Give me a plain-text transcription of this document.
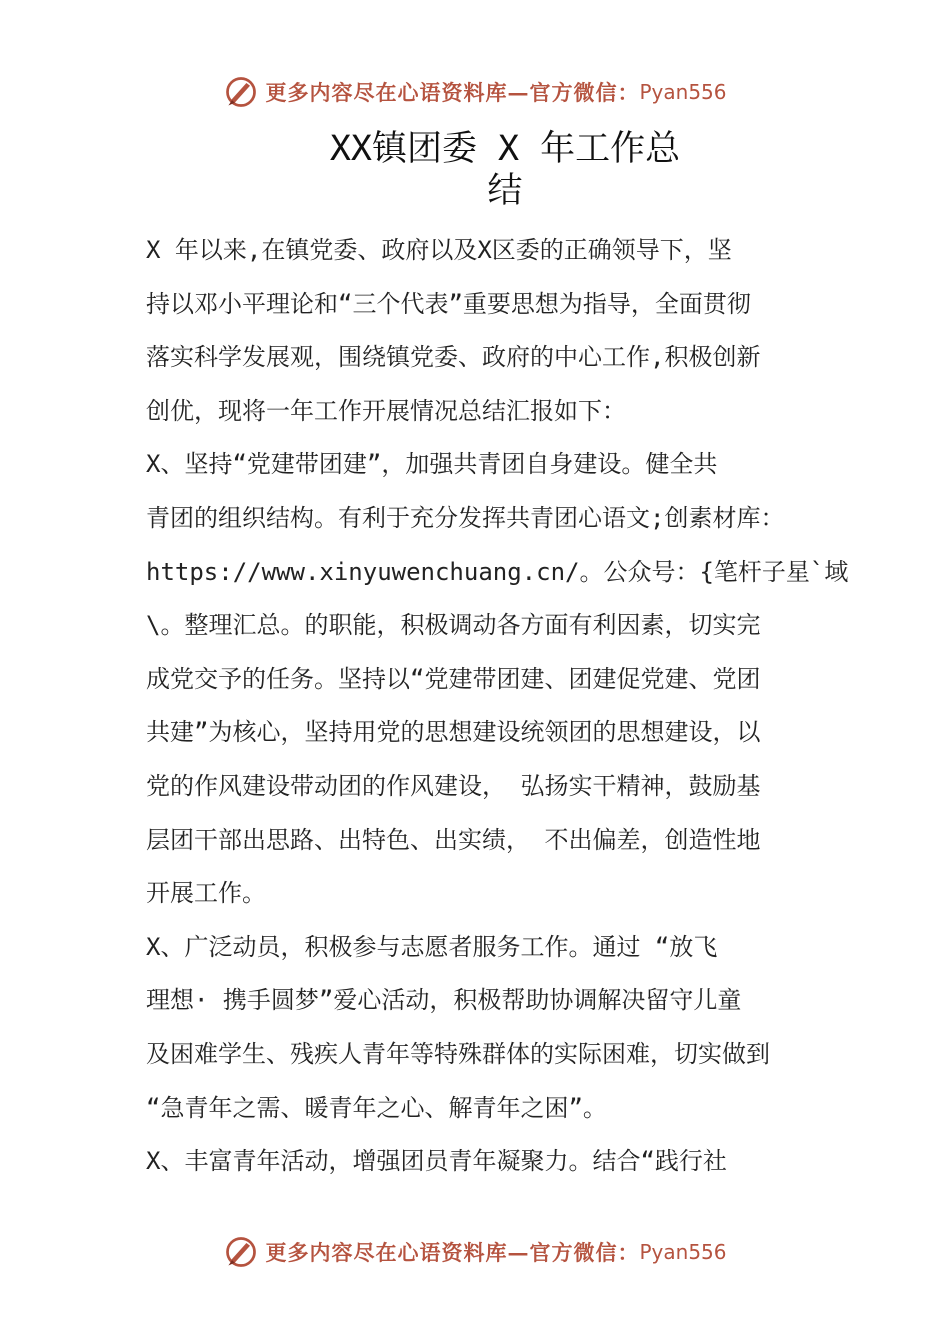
更多内容尽在心语资料库—官方微信： Pyan556
XX镇团委 X 年工作总
结
X 年以来,在镇党委、政府以及X区委的正确领导下，坚
持以邓小平理论和“三个代表”重要思想为指导，全面贯彻
落实科学发展观，围绕镇党委、政府的中心工作,积极创新
创优，现将一年工作开展情况总结汇报如下：
X、坚持“党建带团建”，加强共青团自身建设。健全共
青团的组织结构。有利于充分发挥共青团心语文;创素材库：
https://www.xinyuwenchuang.cn/。公众号：{笔杆子星`域
\。整理汇总。的职能，积极调动各方面有利因素，切实完
成党交予的任务。坚持以“党建带团建、团建促党建、党团
共建”为核心，坚持用党的思想建设统领团的思想建设，以
党的作风建设带动团的作风建设， 弘扬实干精神，鼓励基
层团干部出思路、出特色、出实绩， 不出偏差，创造性地
开展工作。
X、广泛动员，积极参与志愿者服务工作。通过 “放飞
理想· 携手圆梦”爱心活动，积极帮助协调解决留守儿童
及困难学生、残疾人青年等特殊群体的实际困难，切实做到
“急青年之需、暖青年之心、解青年之困”。
X、丰富青年活动，增强团员青年凝聚力。结合“践行社
更多内容尽在心语资料库—官方微信： Pyan556
